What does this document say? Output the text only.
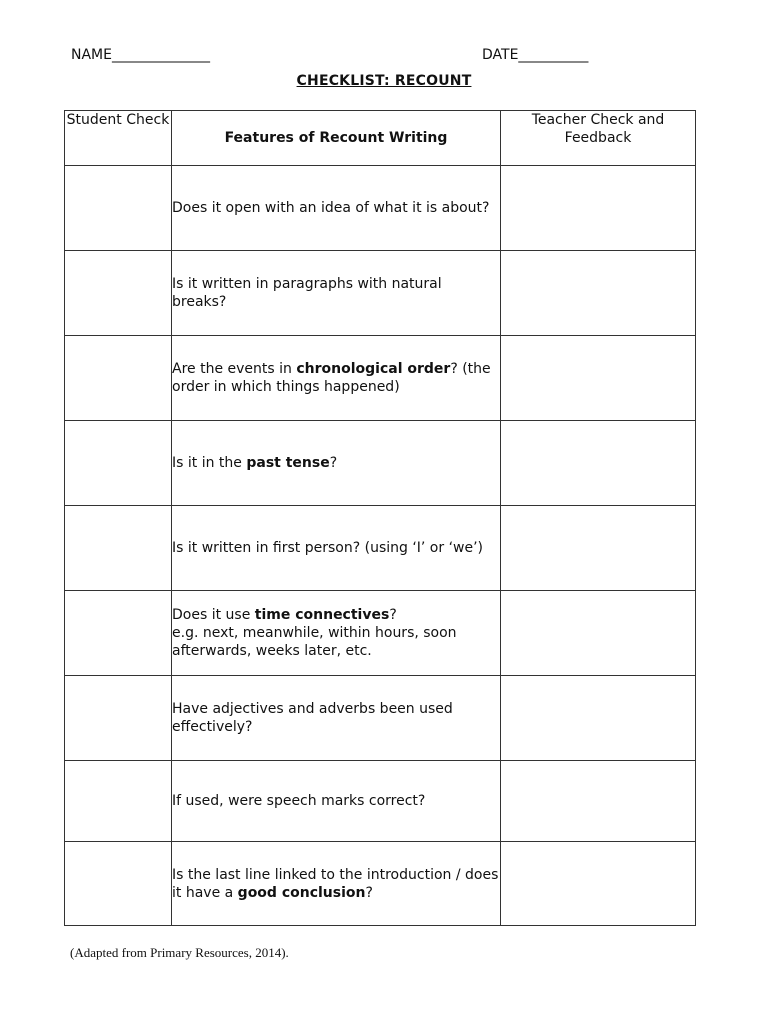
NAME______________	DATE__________
CHECKLIST: RECOUNT
Student Check	Features of Recount Writing	Teacher Check and Feedback
	Does it open with an idea of what it is about?	
	Is it written in paragraphs with natural breaks?	
	Are the events in chronological order? (the order in which things happened)	
	Is it in the past tense?	
	Is it written in first person? (using ‘I’ or ‘we’)	
	Does it use time connectives?
e.g. next, meanwhile, within hours, soon afterwards, weeks later, etc.	
	Have adjectives and adverbs been used effectively?	
	If used, were speech marks correct?	
	Is the last line linked to the introduction / does it have a good conclusion?	
(Adapted from Primary Resources, 2014).
